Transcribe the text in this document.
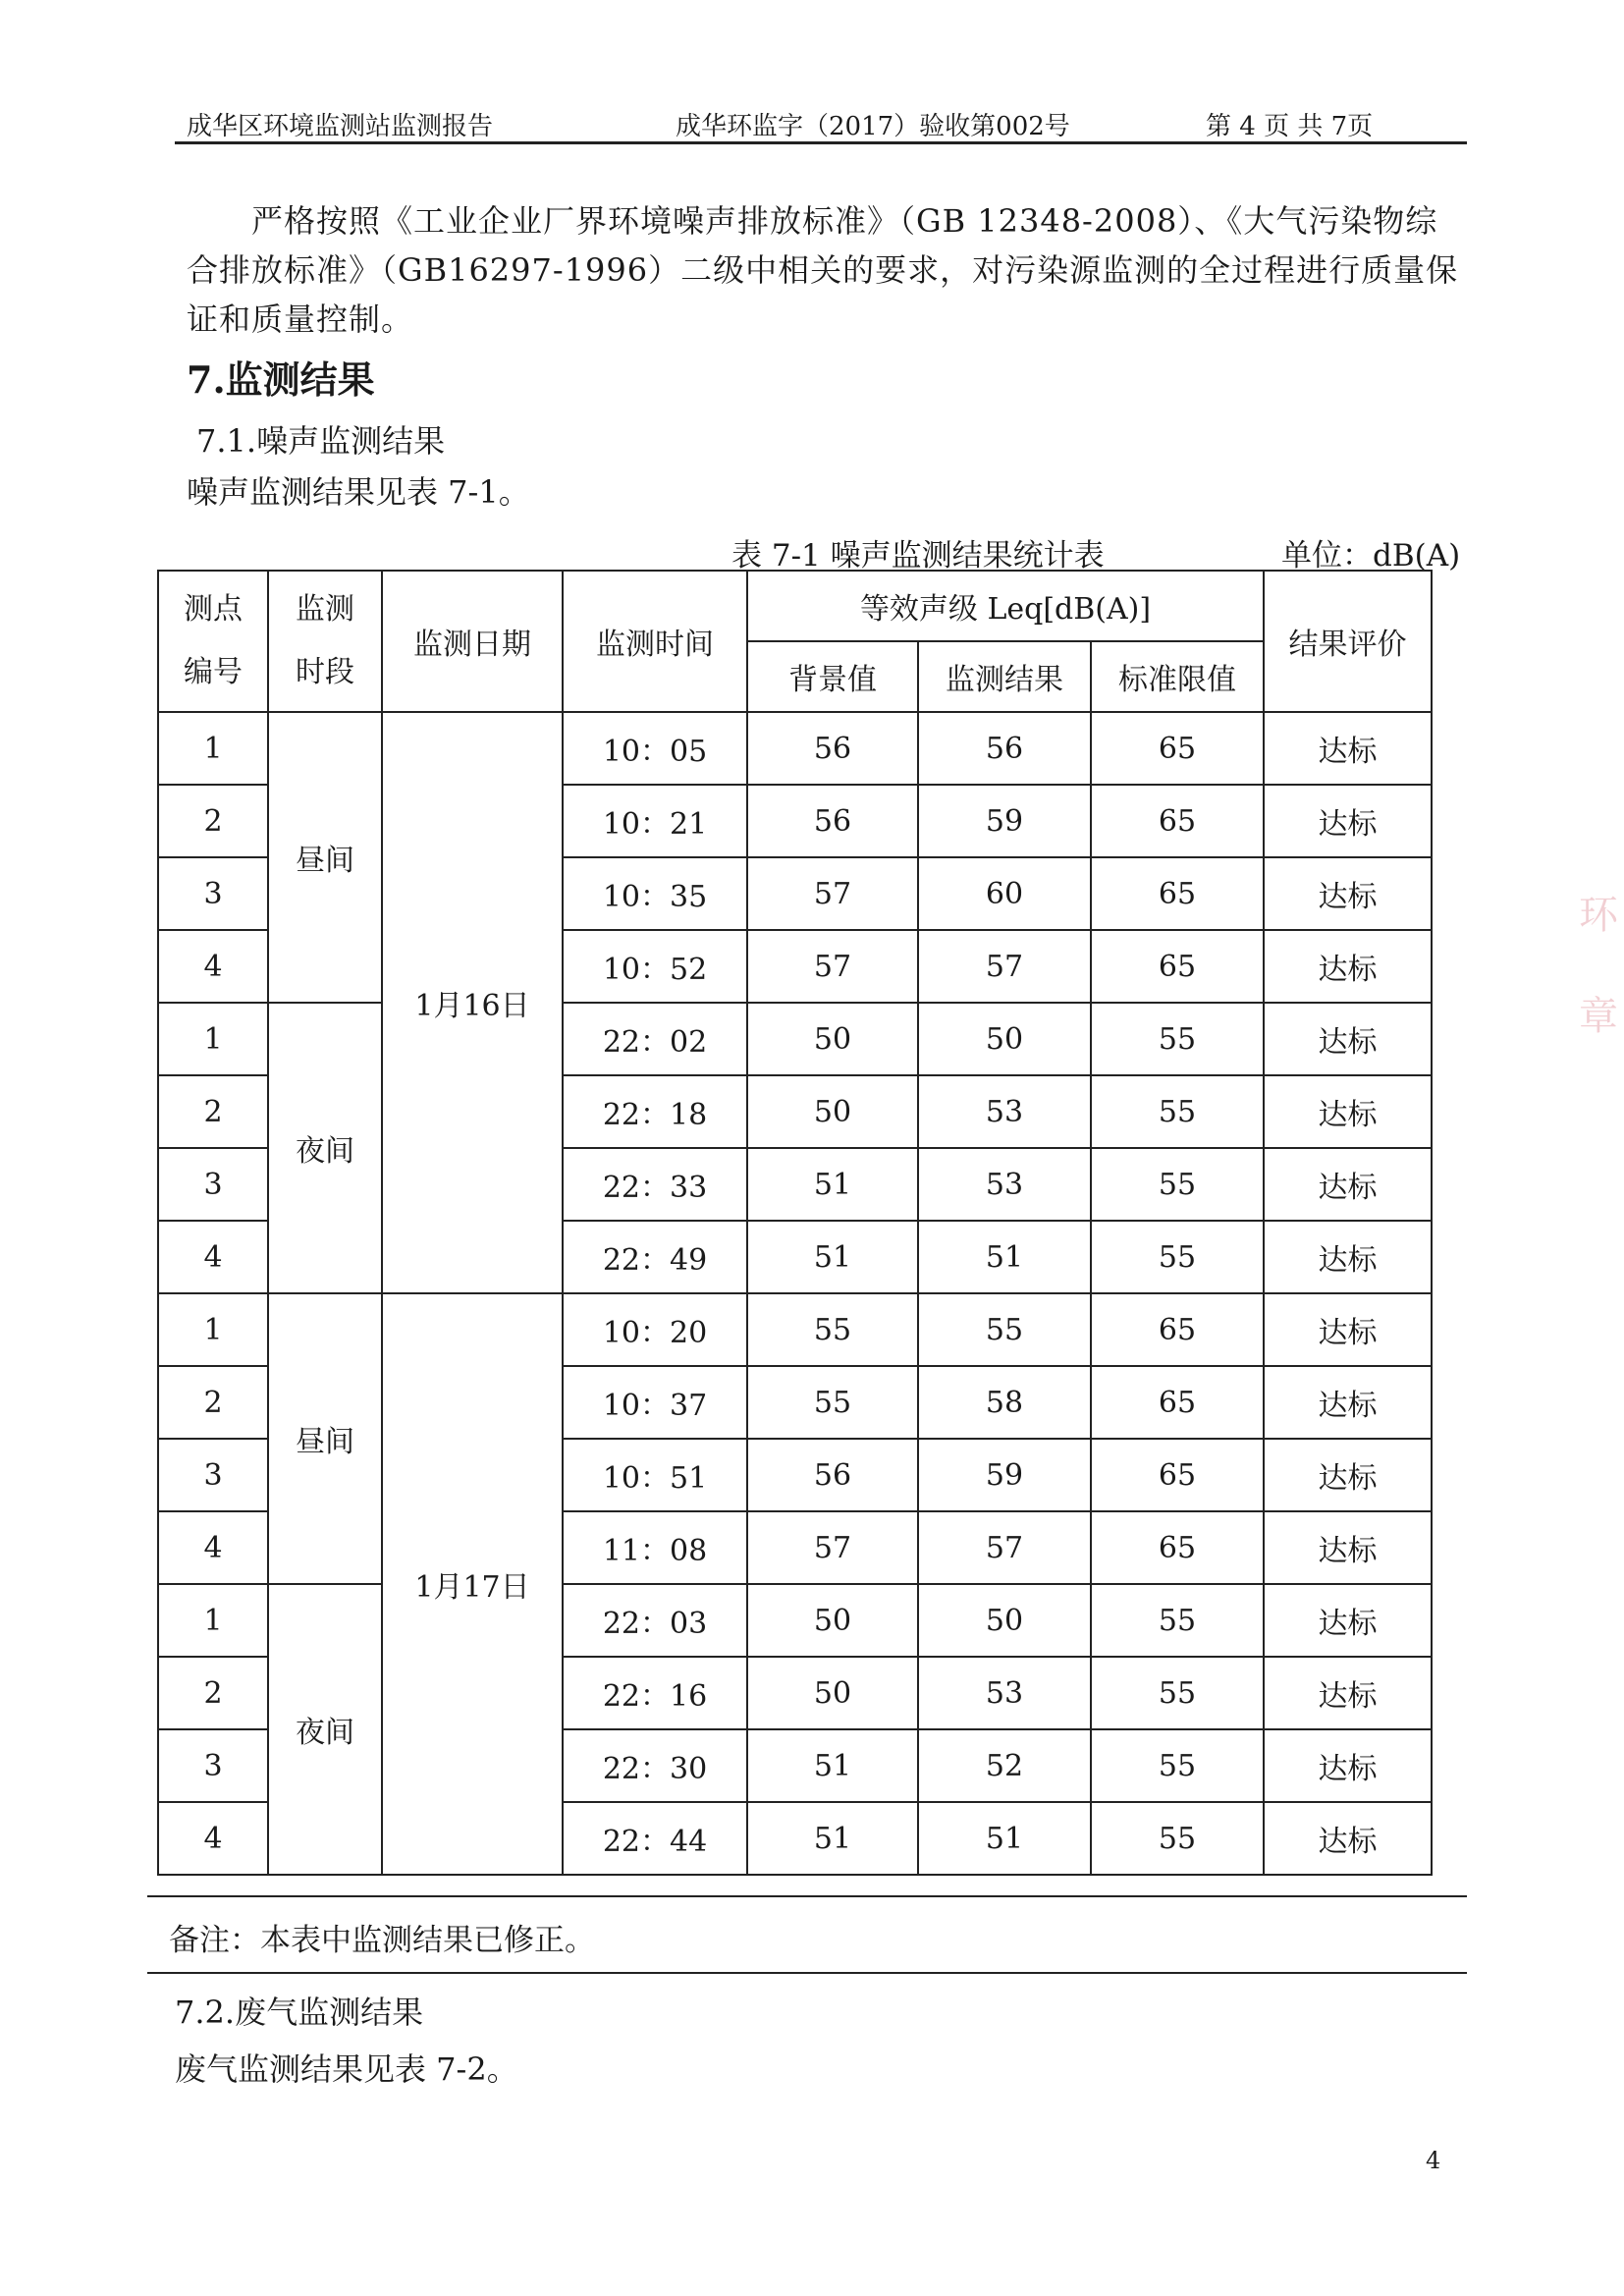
成华区环境监测站监测报告	成华环监字（2017）验收第002号	第 4 页 共 7页
严格按照《工业企业厂界环境噪声排放标准》（GB 12348-2008）、《大气污染物综合排放标准》（GB16297-1996）二级中相关的要求，对污染源监测的全过程进行质量保证和质量控制。
7.监测结果
7.1.噪声监测结果
噪声监测结果见表 7-1。
表 7-1 噪声监测结果统计表	单位：dB(A)
测点编号	监测时段	监测日期	监测时间	等效声级 Leq[dB(A)]			结果评价
				背景值	监测结果	标准限值	
1	昼间	1月16日	10：05	56	56	65	达标
2			10：21	56	59	65	达标
3			10：35	57	60	65	达标
4			10：52	57	57	65	达标
1	夜间		22：02	50	50	55	达标
2			22：18	50	53	55	达标
3			22：33	51	53	55	达标
4			22：49	51	51	55	达标
1	昼间	1月17日	10：20	55	55	65	达标
2			10：37	55	58	65	达标
3			10：51	56	59	65	达标
4			11：08	57	57	65	达标
1	夜间		22：03	50	50	55	达标
2			22：16	50	53	55	达标
3			22：30	51	52	55	达标
4			22：44	51	51	55	达标
备注：本表中监测结果已修正。
7.2.废气监测结果
废气监测结果见表 7-2。
4
环

章
